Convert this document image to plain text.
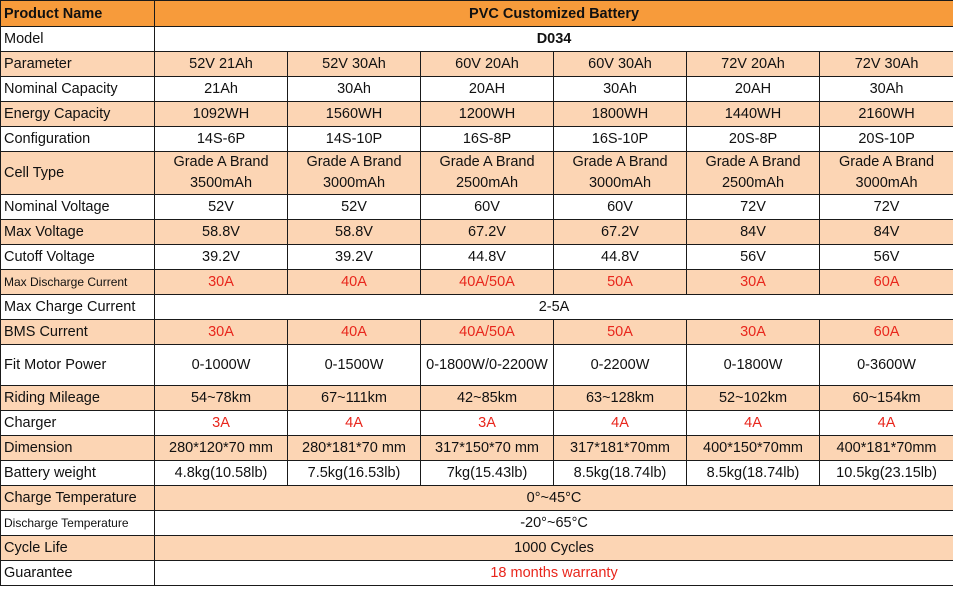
Product Name	PVC Customized Battery					
Model	D034					
Parameter	52V 21Ah	52V 30Ah	60V 20Ah	60V 30Ah	72V 20Ah	72V 30Ah
Nominal Capacity	21Ah	30Ah	20AH	30Ah	20AH	30Ah
Energy Capacity	1092WH	1560WH	1200WH	1800WH	1440WH	2160WH
Configuration	14S-6P	14S-10P	16S-8P	16S-10P	20S-8P	20S-10P
Cell Type	Grade A Brand 3500mAh	Grade A Brand 3000mAh	Grade A Brand 2500mAh	Grade A Brand 3000mAh	Grade A Brand 2500mAh	Grade A Brand 3000mAh
Nominal Voltage	52V	52V	60V	60V	72V	72V
Max Voltage	58.8V	58.8V	67.2V	67.2V	84V	84V
Cutoff Voltage	39.2V	39.2V	44.8V	44.8V	56V	56V
Max Discharge Current	30A	40A	40A/50A	50A	30A	60A
Max Charge Current	2-5A					
BMS Current	30A	40A	40A/50A	50A	30A	60A
Fit Motor Power	0-1000W	0-1500W	0-1800W/0-2200W	0-2200W	0-1800W	0-3600W
Riding Mileage	54~78km	67~111km	42~85km	63~128km	52~102km	60~154km
Charger	3A	4A	3A	4A	4A	4A
Dimension	280*120*70 mm	280*181*70 mm	317*150*70 mm	317*181*70mm	400*150*70mm	400*181*70mm
Battery weight	4.8kg(10.58lb)	7.5kg(16.53lb)	7kg(15.43lb)	8.5kg(18.74lb)	8.5kg(18.74lb)	10.5kg(23.15lb)
Charge Temperature	0°~45°C					
Discharge Temperature	-20°~65°C					
Cycle Life	1000 Cycles					
Guarantee	18 months warranty					
